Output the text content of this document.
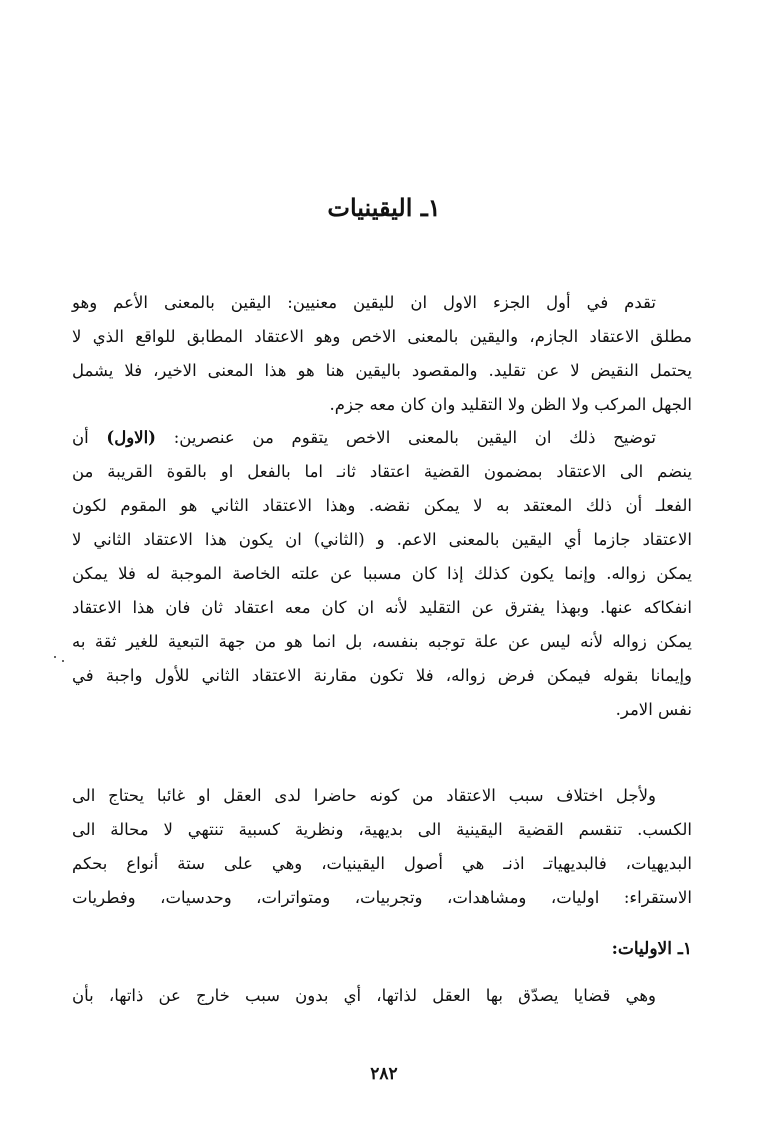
١ـ اليقينيات
تقدم في أول الجزء الاول ان لليقين معنيين: اليقين بالمعنى الأعم وهو
مطلق الاعتقاد الجازم، واليقين بالمعنى الاخص وهو الاعتقاد المطابق للواقع الذي لا
يحتمل النقيض لا عن تقليد. والمقصود باليقين هنا هو هذا المعنى الاخير، فلا يشمل
الجهل المركب ولا الظن ولا التقليد وان كان معه جزم.
توضيح ذلك ان اليقين بالمعنى الاخص يتقوم من عنصرين: (الاول) أن
ينضم الى الاعتقاد بمضمون القضية اعتقاد ثانـ اما بالفعل او بالقوة القريبة من
الفعلـ أن ذلك المعتقد به لا يمكن نقضه. وهذا الاعتقاد الثاني هو المقوم لكون
الاعتقاد جازما أي اليقين بالمعنى الاعم. و (الثاني) ان يكون هذا الاعتقاد الثاني لا
يمكن زواله. وإنما يكون كذلك إذا كان مسببا عن علته الخاصة الموجبة له فلا يمكن
انفكاكه عنها. وبهذا يفترق عن التقليد لأنه ان كان معه اعتقاد ثان فان هذا الاعتقاد
يمكن زواله لأنه ليس عن علة توجبه بنفسه، بل انما هو من جهة التبعية للغير ثقة به
وإيمانا بقوله فيمكن فرض زواله، فلا تكون مقارنة الاعتقاد الثاني للأول واجبة في
نفس الامر.
ولأجل اختلاف سبب الاعتقاد من كونه حاضرا لدى العقل او غائبا يحتاج الى
الكسب. تنقسم القضية اليقينية الى بديهية، ونظرية كسبية تنتهي لا محالة الى
البديهيات، فالبديهياتـ اذنـ هي أصول اليقينيات، وهي على ستة أنواع بحكم
الاستقراء: اوليات، ومشاهدات، وتجربيات، ومتواترات، وحدسيات، وفطريات
١ـ الاوليات:
وهي قضايا يصدّق بها العقل لذاتها، أي بدون سبب خارج عن ذاتها، بأن
٢٨٢
